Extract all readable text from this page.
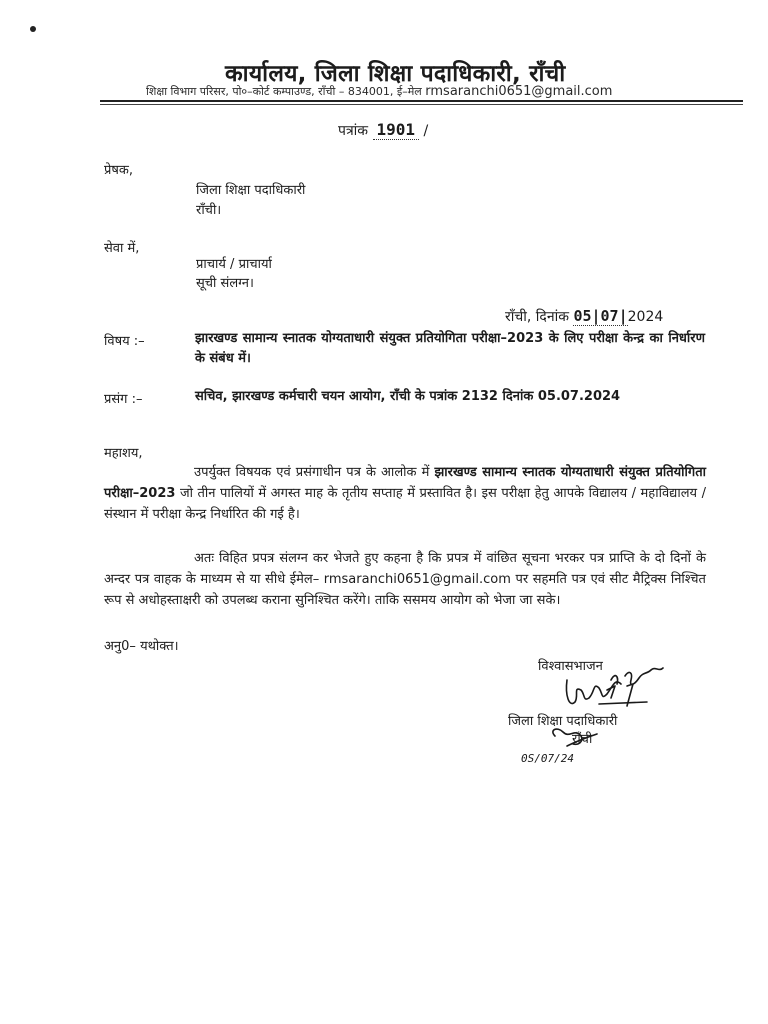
कार्यालय, जिला शिक्षा पदाधिकारी, राँची
शिक्षा विभाग परिसर, पो०–कोर्ट कम्पाउण्ड, राँची – 834001, ई–मेल rmsaranchi0651@gmail.com
पत्रांक 1901 /
प्रेषक,
जिला शिक्षा पदाधिकारी
राँची।
सेवा में,
प्राचार्य / प्राचार्या
सूची संलग्न।
राँची, दिनांक 05|07|2024
विषय :–	झारखण्ड सामान्य स्नातक योग्यताधारी संयुक्त प्रतियोगिता परीक्षा–2023 के लिए परीक्षा केन्द्र का निर्धारण के संबंध में।
प्रसंग :–	सचिव, झारखण्ड कर्मचारी चयन आयोग, राँची के पत्रांक 2132 दिनांक 05.07.2024
महाशय,
उपर्युक्त विषयक एवं प्रसंगाधीन पत्र के आलोक में झारखण्ड सामान्य स्नातक योग्यताधारी संयुक्त प्रतियोगिता परीक्षा–2023 जो तीन पालियों में अगस्त माह के तृतीय सप्ताह में प्रस्तावित है। इस परीक्षा हेतु आपके विद्यालय / महाविद्यालय / संस्थान में परीक्षा केन्द्र निर्धारित की गई है।
अतः विहित प्रपत्र संलग्न कर भेजते हुए कहना है कि प्रपत्र में वांछित सूचना भरकर पत्र प्राप्ति के दो दिनों के अन्दर पत्र वाहक के माध्यम से या सीधे ईमेल– rmsaranchi0651@gmail.com पर सहमति पत्र एवं सीट मैट्रिक्स निश्चित रूप से अधोहस्ताक्षरी को उपलब्ध कराना सुनिश्चित करेंगे। ताकि ससमय आयोग को भेजा जा सके।
अनु0– यथोक्त।
विश्वासभाजन
जिला शिक्षा पदाधिकारी
राँची
0S/07/24
